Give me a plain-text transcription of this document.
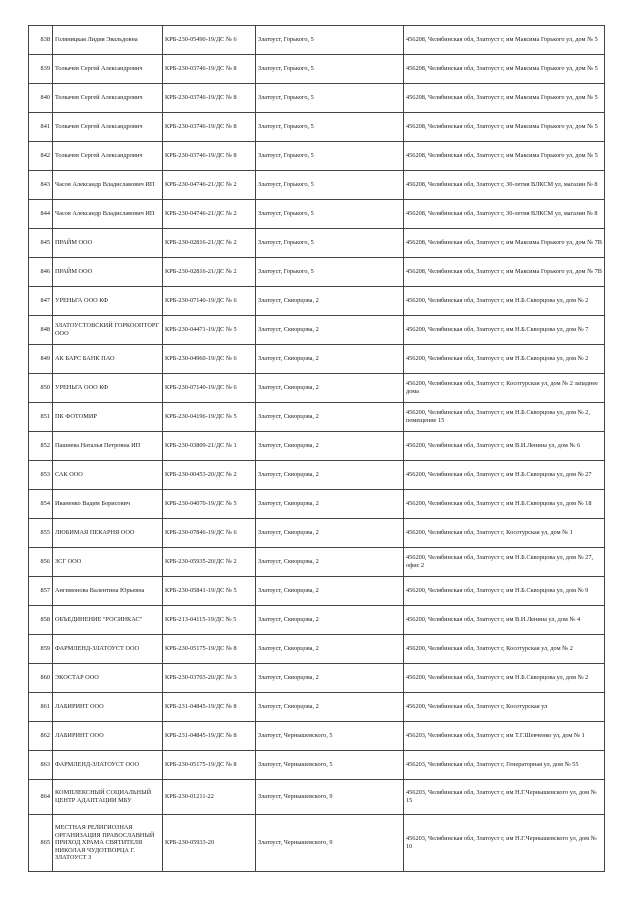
838	Голяницкая Лидия Эвальдовна	КРБ-230-05490-19/ДС № 6	Златоуст, Горького, 5	456208, Челябинская обл, Златоуст г, им Максима Горького ул, дом № 5
839	Толкачев Сергей Александрович	КРБ-230-03746-19/ДС № 8	Златоуст, Горького, 5	456208, Челябинская обл, Златоуст г, им Максима Горького ул, дом № 5
840	Толкачев Сергей Александрович	КРБ-230-03746-19/ДС № 8	Златоуст, Горького, 5	456208, Челябинская обл, Златоуст г, им Максима Горького ул, дом № 5
841	Толкачев Сергей Александрович	КРБ-230-03746-19/ДС № 8	Златоуст, Горького, 5	456208, Челябинская обл, Златоуст г, им Максима Горького ул, дом № 5
842	Толкачев Сергей Александрович	КРБ-230-03746-19/ДС № 8	Златоуст, Горького, 5	456208, Челябинская обл, Златоуст г, им Максима Горького ул, дом № 5
843	Часов Александр Владиславович ИП	КРБ-230-04746-21/ДС № 2	Златоуст, Горького, 5	456208, Челябинская обл, Златоуст г, 30-летия ВЛКСМ ул, магазин № 8
844	Часов Александр Владиславович ИП	КРБ-230-04746-21/ДС № 2	Златоуст, Горького, 5	456208, Челябинская обл, Златоуст г, 30-летия ВЛКСМ ул, магазин № 8
845	ПРАЙМ ООО	КРБ-230-02816-21/ДС № 2	Златоуст, Горького, 5	456208, Челябинская обл, Златоуст г, им Максима Горького ул, дом № 7В
846	ПРАЙМ ООО	КРБ-230-02816-21/ДС № 2	Златоуст, Горького, 5	456208, Челябинская обл, Златоуст г, им Максима Горького ул, дом № 7В
847	УРЕНЬГА ООО КФ	КРБ-230-07140-19/ДС № 6	Златоуст, Скворцова, 2	456200, Челябинская обл, Златоуст г, им Н.Б.Скворцова ул, дом № 2
848	ЗЛАТОУСТОВСКИЙ ГОРКООПТОРГ ООО	КРБ-230-04471-19/ДС № 5	Златоуст, Скворцова, 2	456200, Челябинская обл, Златоуст г, им Н.Б.Скворцова ул, дом № 7
849	АК БАРС БАНК ПАО	КРБ-230-04960-19/ДС № 6	Златоуст, Скворцова, 2	456200, Челябинская обл, Златоуст г, им Н.Б.Скворцова ул, дом № 2
850	УРЕНЬГА ООО КФ	КРБ-230-07140-19/ДС № 6	Златоуст, Скворцова, 2	456200, Челябинская обл, Златоуст г, Косотурская ул, дом № 2 западнее дома
851	ПК ФОТОМИР	КРБ-230-04196-19/ДС № 5	Златоуст, Скворцова, 2	456200, Челябинская обл, Златоуст г, им Н.Б.Скворцова ул, дом № 2, помещение 15
852	Пашнева Наталья Петровна ИП	КРБ-230-03809-21/ДС № 1	Златоуст, Скворцова, 2	456200, Челябинская обл, Златоуст г, им В.И.Ленина ул, дом № 6
853	САК ООО	КРБ-230-00453-20/ДС № 2	Златоуст, Скворцова, 2	456200, Челябинская обл, Златоуст г, им Н.Б.Скворцова ул, дом № 27
854	Иваненко Вадим Борисович	КРБ-230-04070-19/ДС № 5	Златоуст, Скворцова, 2	456200, Челябинская обл, Златоуст г, им Н.Б.Скворцова ул, дом № 18
855	ЛЮБИМАЯ ПЕКАРНЯ ООО	КРБ-230-07846-19/ДС № 6	Златоуст, Скворцова, 2	456200, Челябинская обл, Златоуст г, Косотурская ул, дом № 1
856	ЗСГ ООО	КРБ-230-05935-20/ДС № 2	Златоуст, Скворцова, 2	456200, Челябинская обл, Златоуст г, им Н.Б.Скворцова ул, дом № 27, офис 2
857	Ангимонова Валентина Юрьевна	КРБ-230-05841-19/ДС № 5	Златоуст, Скворцова, 2	456200, Челябинская обл, Златоуст г, им Н.Б.Скворцова ул, дом № 9
858	ОБЪЕДИНЕНИЕ "РОСИНКАС"	КРБ-213-04115-19/ДС № 5	Златоуст, Скворцова, 2	456200, Челябинская обл, Златоуст г, им В.И.Ленина ул, дом № 4
859	ФАРМЛЕНД-ЗЛАТОУСТ ООО	КРБ-230-05175-19/ДС № 8	Златоуст, Скворцова, 2	456200, Челябинская обл, Златоуст г, Косотурская ул, дом № 2
860	ЭКОСТАР ООО	КРБ-230-03703-20/ДС № 3	Златоуст, Скворцова, 2	456200, Челябинская обл, Златоуст г, им Н.Б.Скворцова ул, дом № 2
861	ЛАБИРИНТ ООО	КРБ-231-04845-19/ДС № 8	Златоуст, Скворцова, 2	456200, Челябинская обл, Златоуст г, Косотурская ул
862	ЛАБИРИНТ ООО	КРБ-231-04845-19/ДС № 8	Златоуст, Чернышевского, 5	456203, Челябинская обл, Златоуст г, им Т.Г.Шевченко ул, дом № 1
863	ФАРМЛЕНД-ЗЛАТОУСТ ООО	КРБ-230-05175-19/ДС № 8	Златоуст, Чернышевского, 5	456203, Челябинская обл, Златоуст г, Генераторная ул, дом № 55
864	КОМПЛЕКСНЫЙ СОЦИАЛЬНЫЙ ЦЕНТР АДАПТАЦИИ МБУ	КРБ-230-01211-22	Златоуст, Чернышевского, 9	456203, Челябинская обл, Златоуст г, им Н.Г.Чернышевского ул, дом № 15
865	МЕСТНАЯ РЕЛИГИОЗНАЯ ОРГАНИЗАЦИЯ ПРАВОСЛАВНЫЙ ПРИХОД ХРАМА СВЯТИТЕЛЯ НИКОЛАЯ ЧУДОТВОРЦА Г. ЗЛАТОУСТ З	КРБ-230-05933-20	Златоуст, Чернышевского, 9	456203, Челябинская обл, Златоуст г, им Н.Г.Чернышевского ул, дом № 10
